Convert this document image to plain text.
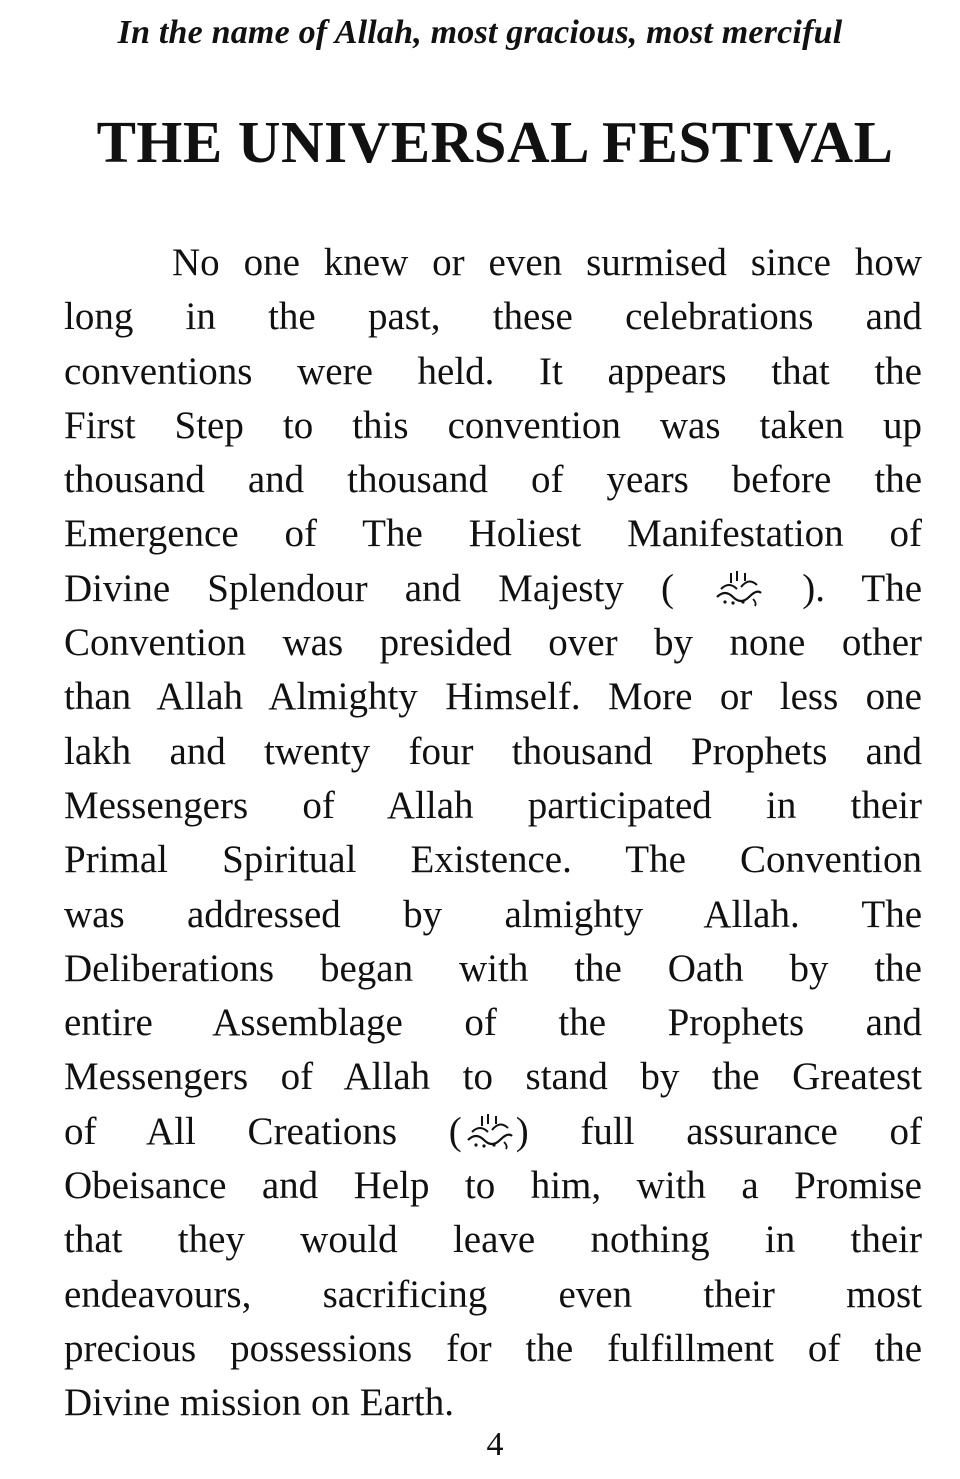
In the name of Allah, most gracious, most merciful
THE UNIVERSAL FESTIVAL
No one knew or even surmised since how
long in the past, these celebrations and
conventions were held. It appears that the
First Step to this convention was taken up
thousand and thousand of years before the
Emergence of The Holiest Manifestation of
Divine Splendour and Majesty (	). The
Convention was presided over by none other
than Allah Almighty Himself. More or less one
lakh and twenty four thousand Prophets and
Messengers of Allah participated in their
Primal Spiritual Existence. The Convention
was addressed by almighty Allah. The
Deliberations began with the Oath by the
entire Assemblage of the Prophets and
Messengers of Allah to stand by the Greatest
of All Creations ( ) full assurance of
Obeisance and Help to him, with a Promise
that they would leave nothing in their
endeavours, sacrificing even their most
precious possessions for the fulfillment of the
Divine mission on Earth.
4
